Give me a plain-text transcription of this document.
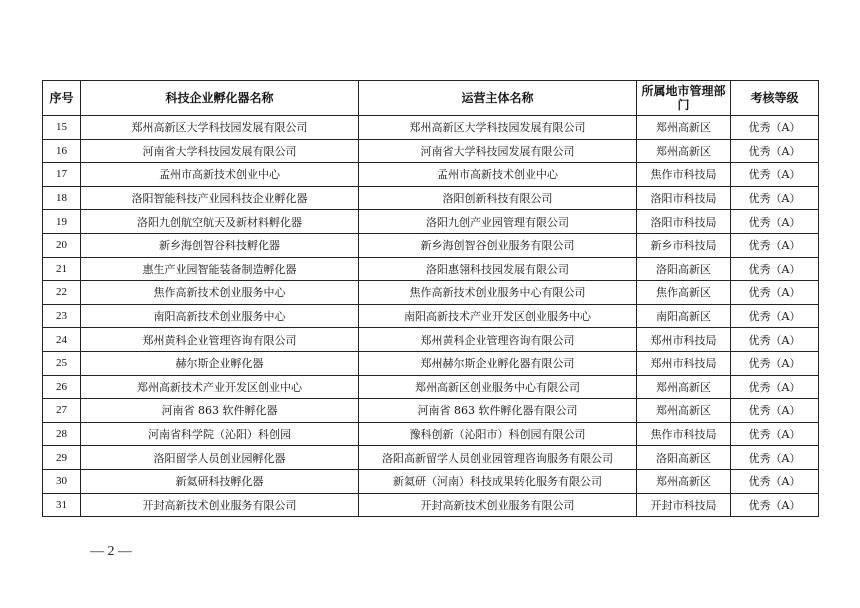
序号	科技企业孵化器名称	运营主体名称	所属地市管理部门	考核等级
15	郑州高新区大学科技园发展有限公司	郑州高新区大学科技园发展有限公司	郑州高新区	优秀（A）
16	河南省大学科技园发展有限公司	河南省大学科技园发展有限公司	郑州高新区	优秀（A）
17	孟州市高新技术创业中心	孟州市高新技术创业中心	焦作市科技局	优秀（A）
18	洛阳智能科技产业园科技企业孵化器	洛阳创新科技有限公司	洛阳市科技局	优秀（A）
19	洛阳九创航空航天及新材料孵化器	洛阳九创产业园管理有限公司	洛阳市科技局	优秀（A）
20	新乡海创智谷科技孵化器	新乡海创智谷创业服务有限公司	新乡市科技局	优秀（A）
21	惠生产业园智能装备制造孵化器	洛阳惠翎科技园发展有限公司	洛阳高新区	优秀（A）
22	焦作高新技术创业服务中心	焦作高新技术创业服务中心有限公司	焦作高新区	优秀（A）
23	南阳高新技术创业服务中心	南阳高新技术产业开发区创业服务中心	南阳高新区	优秀（A）
24	郑州黄科企业管理咨询有限公司	郑州黄科企业管理咨询有限公司	郑州市科技局	优秀（A）
25	赫尔斯企业孵化器	郑州赫尔斯企业孵化器有限公司	郑州市科技局	优秀（A）
26	郑州高新技术产业开发区创业中心	郑州高新区创业服务中心有限公司	郑州高新区	优秀（A）
27	河南省 863 软件孵化器	河南省 863 软件孵化器有限公司	郑州高新区	优秀（A）
28	河南省科学院（沁阳）科创园	豫科创新（沁阳市）科创园有限公司	焦作市科技局	优秀（A）
29	洛阳留学人员创业园孵化器	洛阳高新留学人员创业园管理咨询服务有限公司	洛阳高新区	优秀（A）
30	新氦研科技孵化器	新氦研（河南）科技成果转化服务有限公司	郑州高新区	优秀（A）
31	开封高新技术创业服务有限公司	开封高新技术创业服务有限公司	开封市科技局	优秀（A）
— 2 —
